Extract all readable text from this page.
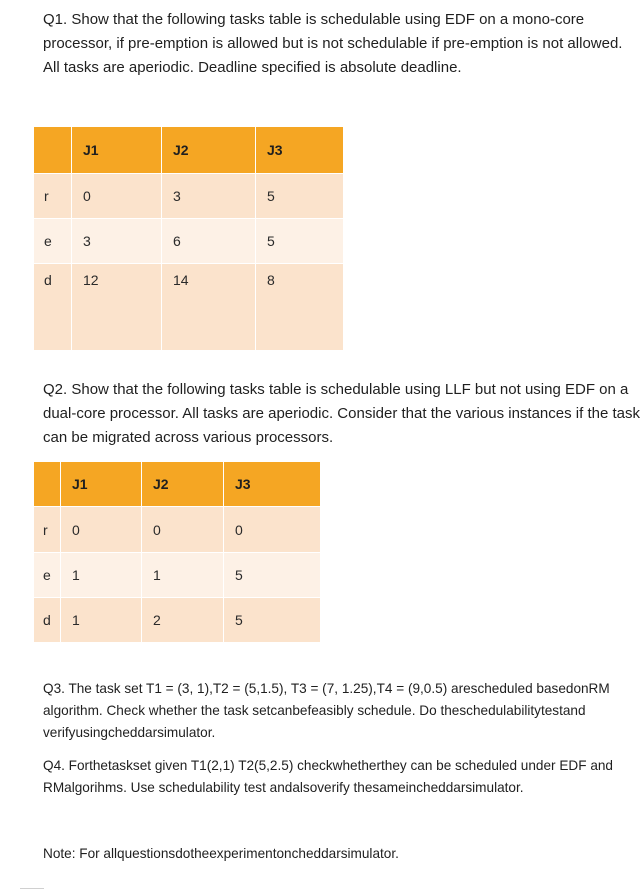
Q1. Show that the following tasks table is schedulable using EDF on a mono-core processor, if pre-emption is allowed but is not schedulable if pre-emption is not allowed. All tasks are aperiodic. Deadline specified is absolute deadline.

	J1	J2	J3
r	0	3	5
e	3	6	5
d	12	14	8

Q2. Show that the following tasks table is schedulable using LLF but not using EDF on a dual-core processor. All tasks are aperiodic. Consider that the various instances if the task can be migrated across various processors.

	J1	J2	J3
r	0	0	0
e	1	1	5
d	1	2	5

Q3. The task set T1 = (3, 1),T2 = (5,1.5), T3 = (7, 1.25),T4 = (9,0.5) arescheduled basedonRM algorithm. Check whether the task setcanbefeasibly schedule. Do theschedulabilitytestand verifyusingcheddarsimulator.

Q4. Forthetaskset given T1(2,1) T2(5,2.5) checkwhetherthey can be scheduled under EDF and RMalgorihms. Use schedulability test andalsoverify thesameincheddarsimulator.

Note: For allquestionsdotheexperimentoncheddarsimulator.
